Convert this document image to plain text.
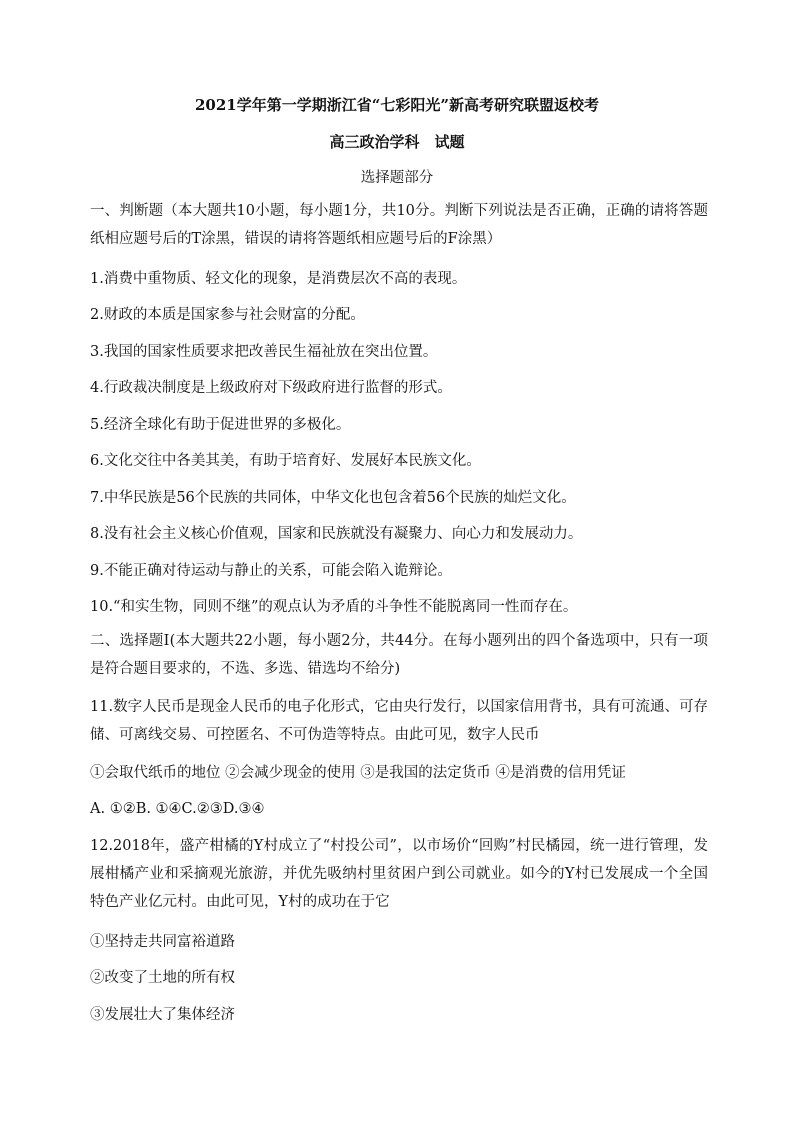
2021学年第一学期浙江省“七彩阳光”新高考研究联盟返校考
高三政治学科　试题
选择题部分
一、判断题（本大题共10小题，每小题1分，共10分。判断下列说法是否正确，正确的请将答题纸相应题号后的T涂黑，错误的请将答题纸相应题号后的F涂黑）
1.消费中重物质、轻文化的现象，是消费层次不高的表现。
2.财政的本质是国家参与社会财富的分配。
3.我国的国家性质要求把改善民生福祉放在突出位置。
4.行政裁决制度是上级政府对下级政府进行监督的形式。
5.经济全球化有助于促进世界的多极化。
6.文化交往中各美其美，有助于培育好、发展好本民族文化。
7.中华民族是56个民族的共同体，中华文化也包含着56个民族的灿烂文化。
8.没有社会主义核心价值观，国家和民族就没有凝聚力、向心力和发展动力。
9.不能正确对待运动与静止的关系，可能会陷入诡辩论。
10.“和实生物，同则不继”的观点认为矛盾的斗争性不能脱离同一性而存在。
二、选择题Ⅰ(本大题共22小题，每小题2分，共44分。在每小题列出的四个备选项中，只有一项是符合题目要求的，不选、多选、错选均不给分)
11.数字人民币是现金人民币的电子化形式，它由央行发行，以国家信用背书，具有可流通、可存储、可离线交易、可控匿名、不可伪造等特点。由此可见，数字人民币
①会取代纸币的地位 ②会减少现金的使用 ③是我国的法定货币 ④是消费的信用凭证
A. ①②B. ①④C.②③D.③④
12.2018年，盛产柑橘的Y村成立了“村投公司”，以市场价“回购”村民橘园，统一进行管理，发展柑橘产业和采摘观光旅游，并优先吸纳村里贫困户到公司就业。如今的Y村已发展成一个全国特色产业亿元村。由此可见，Y村的成功在于它
①坚持走共同富裕道路
②改变了土地的所有权
③发展壮大了集体经济
